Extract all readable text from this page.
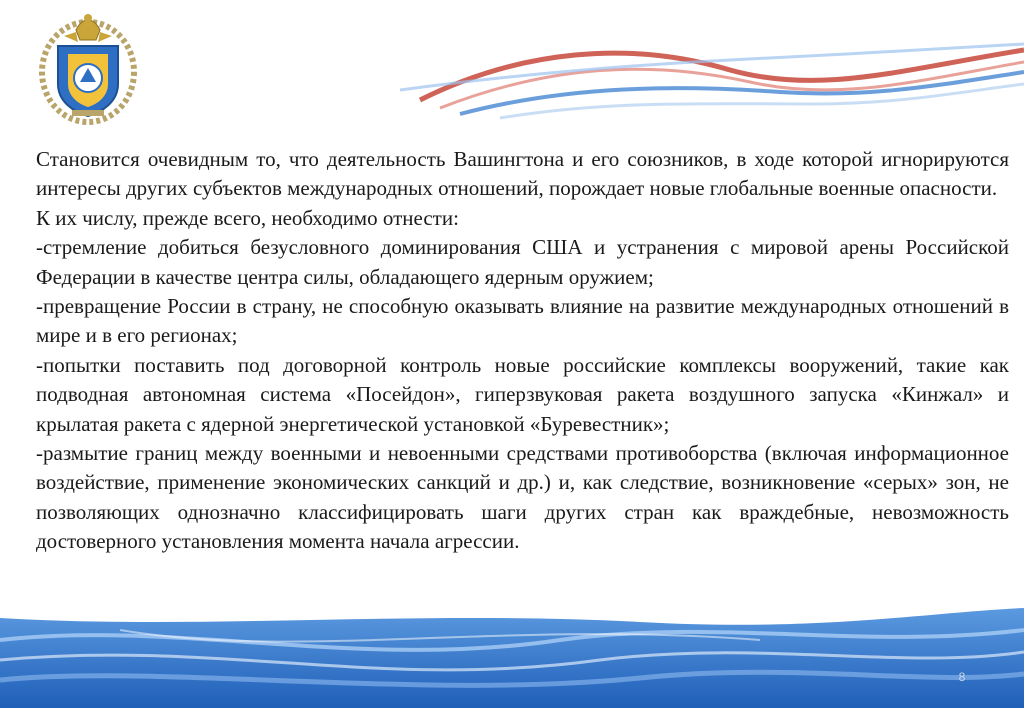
Становится очевидным то, что деятельность Вашингтона и его союзников, в ходе которой игнорируются интересы других субъектов международных отношений, порождает новые глобальные военные опасности.

К их числу, прежде всего, необходимо отнести:

-стремление добиться безусловного доминирования США и устранения с мировой арены Российской Федерации в качестве центра силы, обладающего ядерным оружием;

-превращение России в страну, не способную оказывать влияние на развитие международных отношений в мире и в его регионах;

-попытки поставить под договорной контроль новые российские комплексы вооружений, такие как подводная автономная система «Посейдон», гиперзвуковая ракета воздушного запуска «Кинжал» и крылатая ракета с ядерной энергетической установкой «Буревестник»;

-размытие границ между военными и невоенными средствами противоборства (включая информационное воздействие, применение экономических санкций и др.) и, как следствие, возникновение «серых» зон, не позволяющих однозначно классифицировать шаги других стран как враждебные, невозможность достоверного установления момента начала агрессии.

8
